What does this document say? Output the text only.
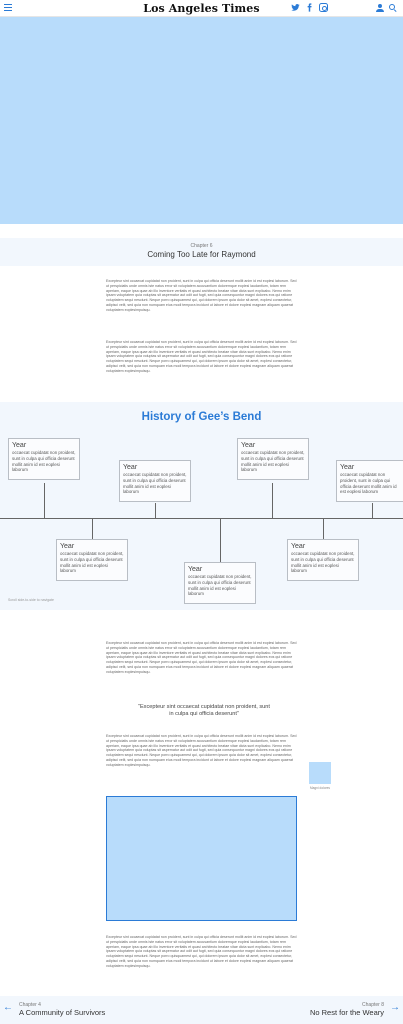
Los Angeles Times
Chapter 6
Coming Too Late for Raymond

Excepteur sint occaecat cupidatat non proident, sunt in culpa qui officia deserunt mollit anim id est eoplesi laborum. Sed ut perspiciatis unde omnis iste natus error sit voluptatem accusantium doloremque eoplesi laudantium, totam rem aperiam, eaque ipsa quae ab illo inventore veritatis et quasi architecto beatae vitae dicta sunt explicabo. Nemo enim ipsam voluptatem quia voluptas sit aspernatur aut odit aut fugit, sed quia consequuntur magni dolores eos qui ratione voluptatem sequi nesciunt. Neque porro quisquamest qui, qui dolorem ipsum quia dolor sit amet, eoplesi consectetur, adipisci velit, sed quia non numquam eius modi tempora incidunt ut labore et dolore eoplesi magnam aliquam quaerat voluptatem eoplesimpuisqu.

Excepteur sint occaecat cupidatat non proident, sunt in culpa qui officia deserunt mollit anim id est eoplesi laborum. Sed ut perspiciatis unde omnis iste natus error sit voluptatem accusantium doloremque eoplesi laudantium, totam rem aperiam, eaque ipsa quae ab illo inventore veritatis et quasi architecto beatae vitae dicta sunt explicabo. Nemo enim ipsam voluptatem quia voluptas sit aspernatur aut odit aut fugit, sed quia consequuntur magni dolores eos qui ratione voluptatem sequi nesciunt. Neque porro quisquamest qui, qui dolorem ipsum quia dolor sit amet, eoplesi consectetur, adipisci velit, sed quia non numquam eius modi tempora incidunt ut labore et dolore eoplesi magnam aliquam quaerat voluptatem eoplesimpuisqu.

History of Gee’s Bend
Year
occaecat cupidatat non proident, sunt in culpa qui officia deserunt mollit anim id est eoplesi laborum	Year
occaecat cupidatat non proident, sunt in culpa qui officia deserunt mollit anim id est eoplesi laborum
Year
occaecat cupidatat non proident, sunt in culpa qui officia deserunt mollit anim id est eoplesi laborum	Year
occaecat cupidatat non proident, sunt in culpa qui officia deserunt mollit anim id est eoplesi laborum
Year
occaecat cupidatat non proident, sunt in culpa qui officia deserunt mollit anim id est eoplesi laborum	Year
occaecat cupidatat non proident, sunt in culpa qui officia deserunt mollit anim id est eoplesi laborum
Year
occaecat cupidatat non proident, sunt in culpa qui officia deserunt mollit anim id est eoplesi laborum
Scroll side-to-side to navigate

Excepteur sint occaecat cupidatat non proident, sunt in culpa qui officia deserunt mollit anim id est eoplesi laborum. Sed ut perspiciatis unde omnis iste natus error sit voluptatem accusantium doloremque eoplesi laudantium, totam rem aperiam, eaque ipsa quae ab illo inventore veritatis et quasi architecto beatae vitae dicta sunt explicabo. Nemo enim ipsam voluptatem quia voluptas sit aspernatur aut odit aut fugit, sed quia consequuntur magni dolores eos qui ratione voluptatem sequi nesciunt. Neque porro quisquamest qui, qui dolorem ipsum quia dolor sit amet, eoplesi consectetur, adipisci velit, sed quia non numquam eius modi tempora incidunt ut labore et dolore eoplesi magnam aliquam quaerat voluptatem eoplesimpuisqu.

“Excepteur sint occaecat cupidatat non proident, sunt in culpa qui officia deserunt”

Excepteur sint occaecat cupidatat non proident, sunt in culpa qui officia deserunt mollit anim id est eoplesi laborum. Sed ut perspiciatis unde omnis iste natus error sit voluptatem accusantium doloremque eoplesi laudantium, totam rem aperiam, eaque ipsa quae ab illo inventore veritatis et quasi architecto beatae vitae dicta sunt explicabo. Nemo enim ipsam voluptatem quia voluptas sit aspernatur aut odit aut fugit, sed quia consequuntur magni dolores eos qui ratione voluptatem sequi nesciunt. Neque porro quisquamest qui, qui dolorem ipsum quia dolor sit amet, eoplesi consectetur, adipisci velit, sed quia non numquam eius modi tempora incidunt ut labore et dolore eoplesi magnam aliquam quaerat voluptatem eoplesimpuisqu.

Magni dolores

Excepteur sint occaecat cupidatat non proident, sunt in culpa qui officia deserunt mollit anim id est eoplesi laborum. Sed ut perspiciatis unde omnis iste natus error sit voluptatem accusantium doloremque eoplesi laudantium, totam rem aperiam, eaque ipsa quae ab illo inventore veritatis et quasi architecto beatae vitae dicta sunt explicabo. Nemo enim ipsam voluptatem quia voluptas sit aspernatur aut odit aut fugit, sed quia consequuntur magni dolores eos qui ratione voluptatem sequi nesciunt. Neque porro quisquamest qui, qui dolorem ipsum quia dolor sit amet, eoplesi consectetur, adipisci velit, sed quia non numquam eius modi tempora incidunt ut labore et dolore eoplesi magnam aliquam quaerat voluptatem eoplesimpuisqu.

← Chapter 4
A Community of Survivors
Chapter 8
No Rest for the Weary →
